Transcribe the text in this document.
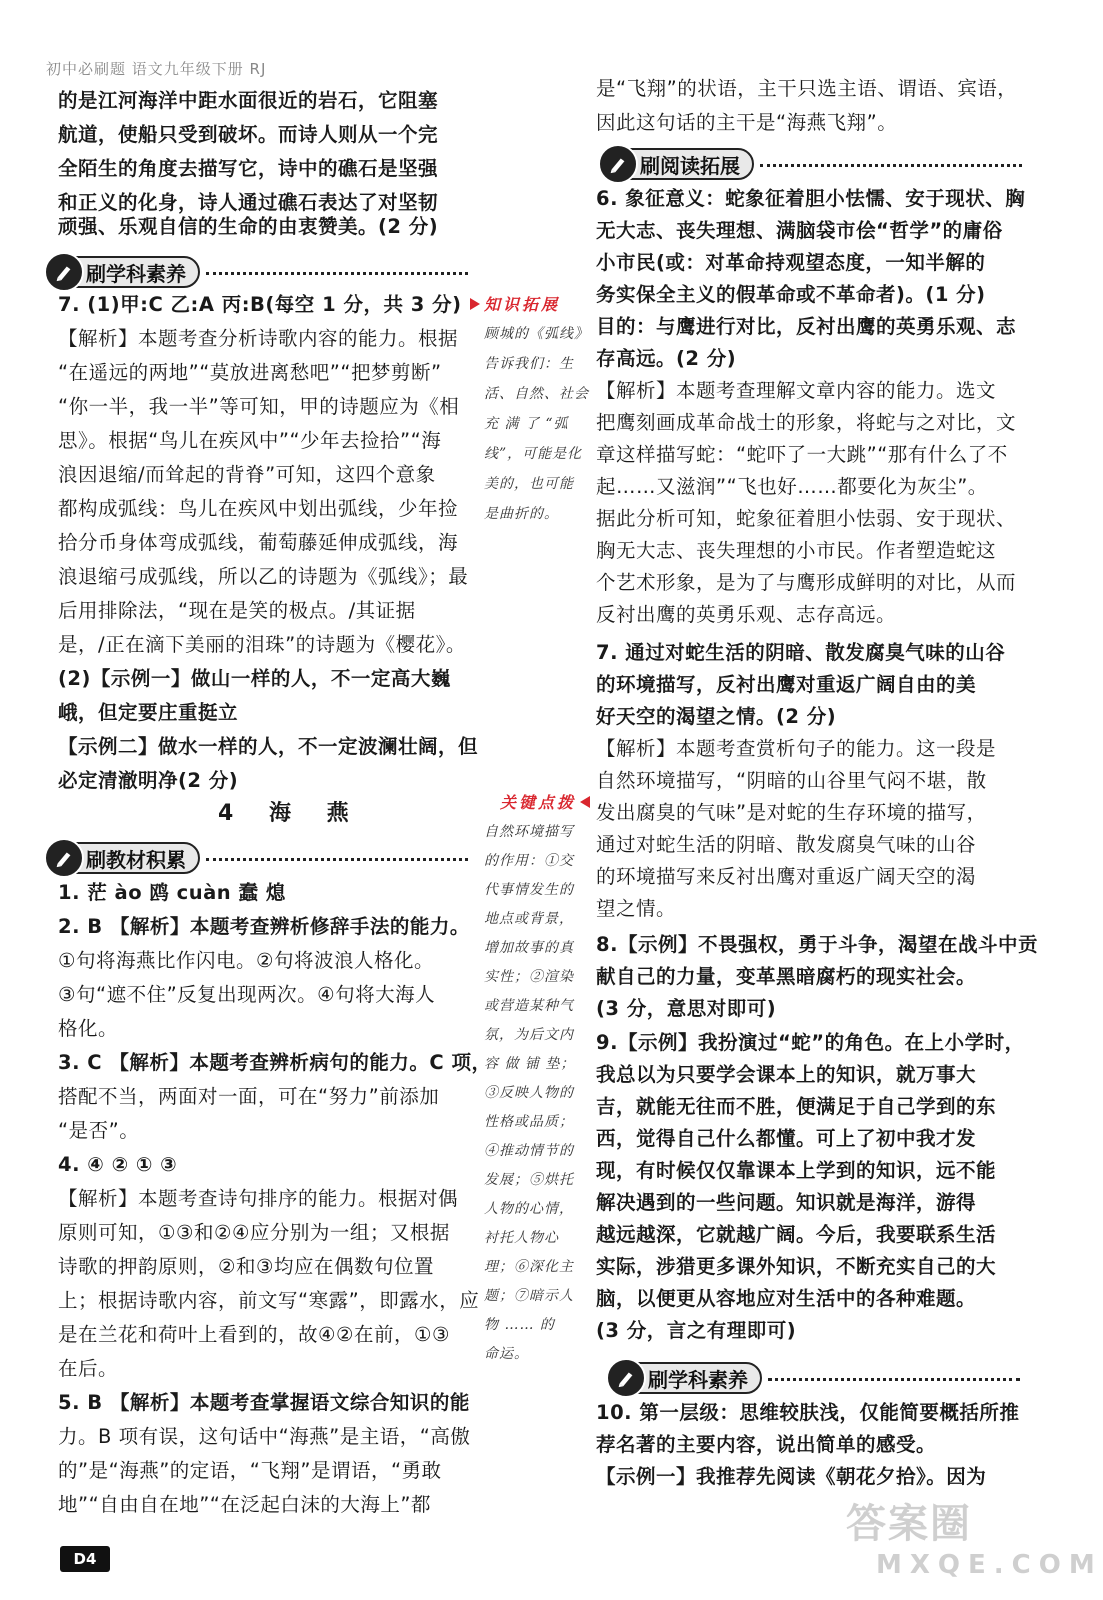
初中必刷题 语文九年级下册 RJ
的是江河海洋中距水面很近的岩石，它阻塞
航道，使船只受到破坏。而诗人则从一个完
全陌生的角度去描写它，诗中的礁石是坚强
和正义的化身，诗人通过礁石表达了对坚韧
顽强、乐观自信的生命的由衷赞美。(2 分)
刷学科素养
7. (1)甲:C 乙:A 丙:B(每空 1 分，共 3 分)
【解析】本题考查分析诗歌内容的能力。根据
“在遥远的两地”“莫放进离愁吧”“把梦剪断”
“你一半，我一半”等可知，甲的诗题应为《相
思》。根据“鸟儿在疾风中”“少年去捡拾”“海
浪因退缩/而耸起的背脊”可知，这四个意象
都构成弧线：鸟儿在疾风中划出弧线，少年捡
拾分币身体弯成弧线，葡萄藤延伸成弧线，海
浪退缩弓成弧线，所以乙的诗题为《弧线》；最
后用排除法，“现在是笑的极点。/其证据
是，/正在滴下美丽的泪珠”的诗题为《樱花》。
(2)【示例一】做山一样的人，不一定高大巍
峨，但定要庄重挺立
【示例二】做水一样的人，不一定波澜壮阔，但
必定清澈明净(2 分)
4 海 燕
刷教材积累
1. 茫 ào 鸥 cuàn 蠢 熄
2. B 【解析】本题考查辨析修辞手法的能力。
①句将海燕比作闪电。②句将波浪人格化。
③句“遮不住”反复出现两次。④句将大海人
格化。
3. C 【解析】本题考查辨析病句的能力。C 项，
搭配不当，两面对一面，可在“努力”前添加
“是否”。
4. ④ ② ① ③
【解析】本题考查诗句排序的能力。根据对偶
原则可知，①③和②④应分别为一组；又根据
诗歌的押韵原则，②和③均应在偶数句位置
上；根据诗歌内容，前文写“寒露”，即露水，应
是在兰花和荷叶上看到的，故④②在前，①③
在后。
5. B 【解析】本题考查掌握语文综合知识的能
力。B 项有误，这句话中“海燕”是主语，“高傲
的”是“海燕”的定语，“飞翔”是谓语，“勇敢
地”“自由自在地”“在泛起白沫的大海上”都
知识拓展
顾城的《弧线》
告诉我们：生
活、自然、社会
充 满 了 “弧
线”，可能是化
美的，也可能
是曲折的。
关键点拨
自然环境描写
的作用：①交
代事情发生的
地点或背景，
增加故事的真
实性；②渲染
或营造某种气
氛，为后文内
容 做 铺 垫；
③反映人物的
性格或品质；
④推动情节的
发展；⑤烘托
人物的心情，
衬托人物心
理；⑥深化主
题；⑦暗示人
物 …… 的
命运。
是“飞翔”的状语，主干只选主语、谓语、宾语，
因此这句话的主干是“海燕飞翔”。
刷阅读拓展
6. 象征意义：蛇象征着胆小怯懦、安于现状、胸
无大志、丧失理想、满脑袋市侩“哲学”的庸俗
小市民(或：对革命持观望态度，一知半解的
务实保全主义的假革命或不革命者)。(1 分)
目的：与鹰进行对比，反衬出鹰的英勇乐观、志
存高远。(2 分)
【解析】本题考查理解文章内容的能力。选文
把鹰刻画成革命战士的形象，将蛇与之对比，文
章这样描写蛇：“蛇吓了一大跳”“那有什么了不
起……又滋润”“飞也好……都要化为灰尘”。
据此分析可知，蛇象征着胆小怯弱、安于现状、
胸无大志、丧失理想的小市民。作者塑造蛇这
个艺术形象，是为了与鹰形成鲜明的对比，从而
反衬出鹰的英勇乐观、志存高远。
7. 通过对蛇生活的阴暗、散发腐臭气味的山谷
的环境描写，反衬出鹰对重返广阔自由的美
好天空的渴望之情。(2 分)
【解析】本题考查赏析句子的能力。这一段是
自然环境描写，“阴暗的山谷里气闷不堪，散
发出腐臭的气味”是对蛇的生存环境的描写，
通过对蛇生活的阴暗、散发腐臭气味的山谷
的环境描写来反衬出鹰对重返广阔天空的渴
望之情。
8.【示例】不畏强权，勇于斗争，渴望在战斗中贡
献自己的力量，变革黑暗腐朽的现实社会。
(3 分，意思对即可)
9.【示例】我扮演过“蛇”的角色。在上小学时，
我总以为只要学会课本上的知识，就万事大
吉，就能无往而不胜，便满足于自己学到的东
西，觉得自己什么都懂。可上了初中我才发
现，有时候仅仅靠课本上学到的知识，远不能
解决遇到的一些问题。知识就是海洋，游得
越远越深，它就越广阔。今后，我要联系生活
实际，涉猎更多课外知识，不断充实自己的大
脑，以便更从容地应对生活中的各种难题。
(3 分，言之有理即可)
刷学科素养
10. 第一层级：思维较肤浅，仅能简要概括所推
荐名著的主要内容，说出简单的感受。
【示例一】我推荐先阅读《朝花夕拾》。因为
D4
答案圈
MXQE.COM
